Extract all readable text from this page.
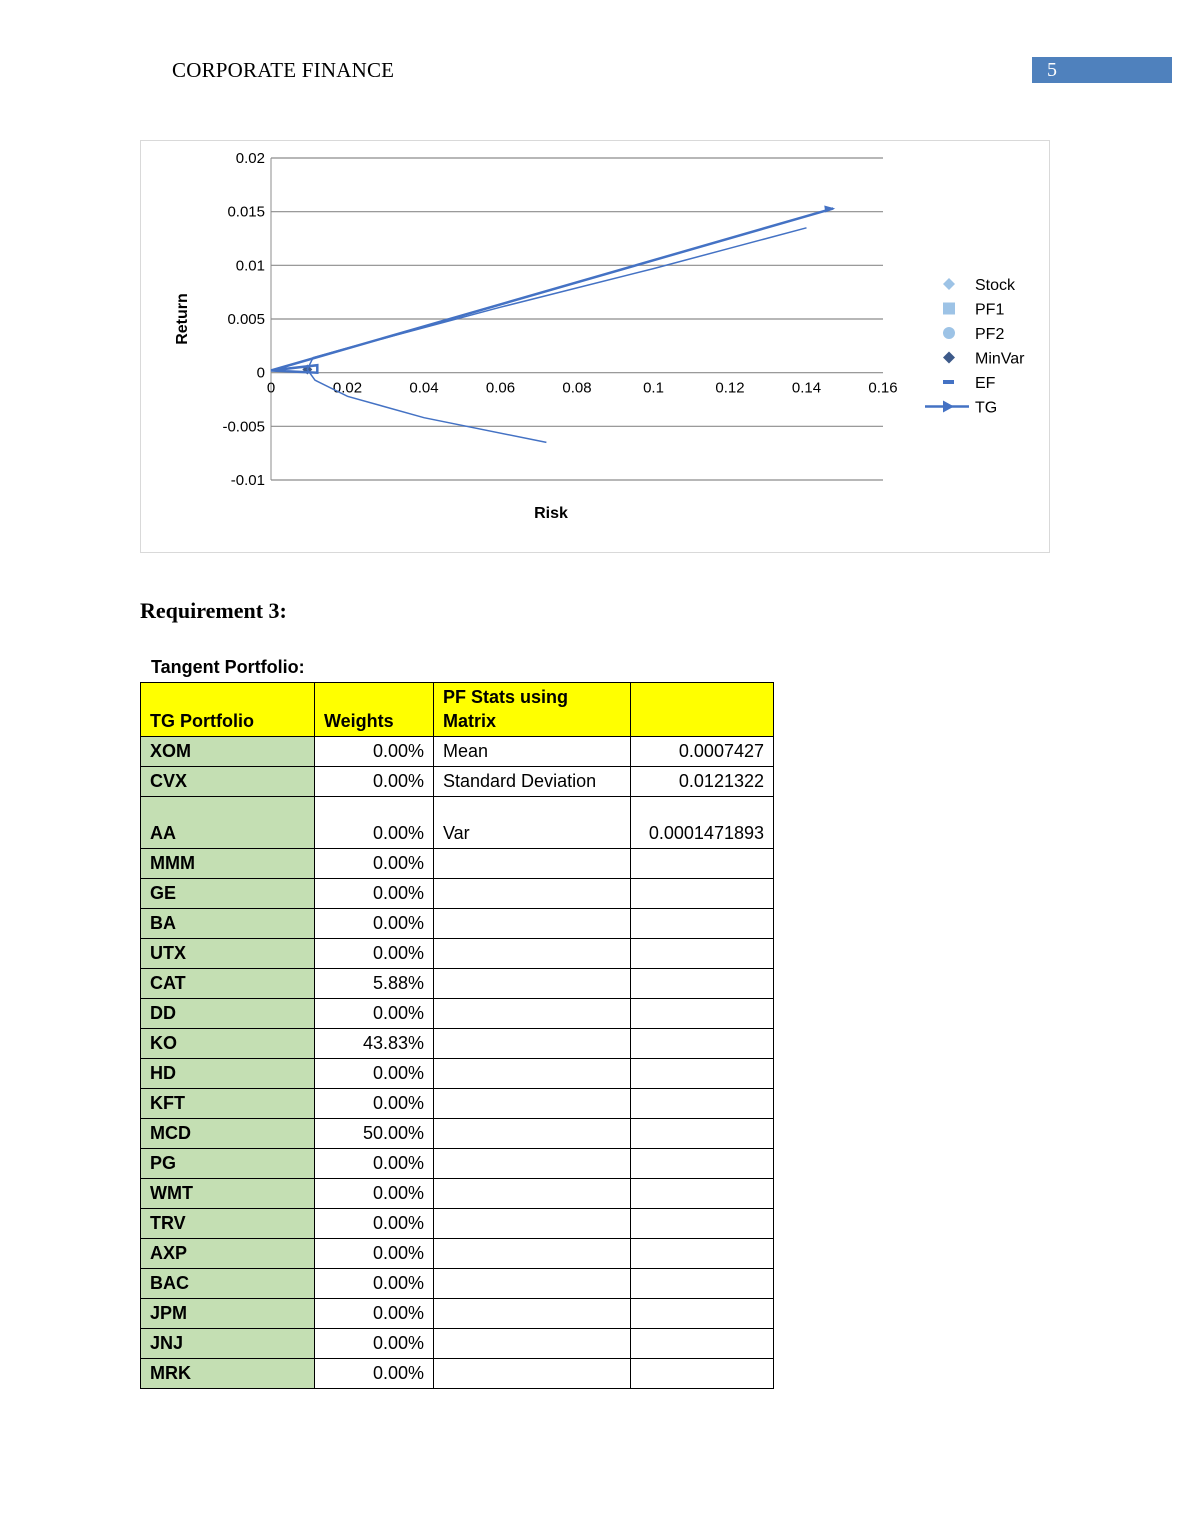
CORPORATE FINANCE	5
0.02
0.015
0.01
0.005
0
-0.005
-0.01
0	0.02	0.04	0.06	0.08	0.1	0.12	0.14	0.16
Risk
Return
Stock
PF1
PF2
MinVar
EF
TG
Requirement 3:
Tangent Portfolio:
TG Portfolio	Weights	PF Stats using Matrix	
XOM	0.00%	Mean	0.0007427
CVX	0.00%	Standard Deviation	0.0121322
AA	0.00%	Var	0.0001471893
MMM	0.00%		
GE	0.00%		
BA	0.00%		
UTX	0.00%		
CAT	5.88%		
DD	0.00%		
KO	43.83%		
HD	0.00%		
KFT	0.00%		
MCD	50.00%		
PG	0.00%		
WMT	0.00%		
TRV	0.00%		
AXP	0.00%		
BAC	0.00%		
JPM	0.00%		
JNJ	0.00%		
MRK	0.00%		
